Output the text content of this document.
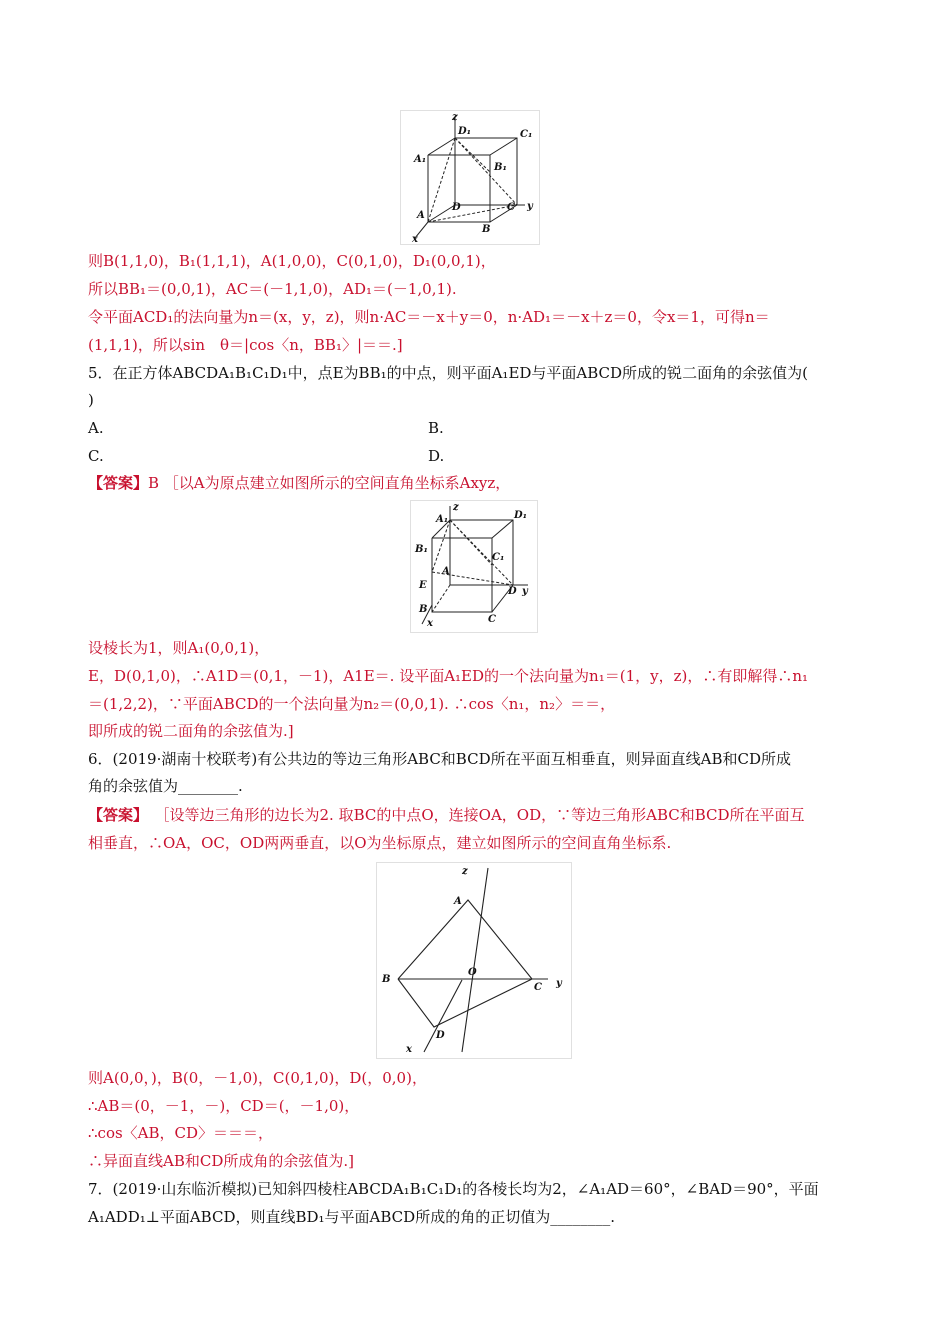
z
D₁	C₁
A₁
B₁
D	C y
A
B
x
则B(1,1,0)，B₁(1,1,1)，A(1,0,0)，C(0,1,0)，D₁(0,0,1)，
所以BB₁＝(0,0,1)，AC＝(－1,1,0)，AD₁＝(－1,0,1).
令平面ACD₁的法向量为n＝(x，y，z)，则n·AC＝－x＋y＝0，n·AD₁＝－x＋z＝0，令x＝1，可得n＝
(1,1,1)，所以sin　θ＝|cos〈n，BB₁〉|＝＝.]
5．在正方体ABCDA₁B₁C₁D₁中，点E为BB₁的中点，则平面A₁ED与平面ABCD所成的锐二面角的余弦值为(
)
A.	B.
C.	D.
【答案】B ［以A为原点建立如图所示的空间直角坐标系Axyz，
A₁
z
D₁
B₁
C₁
A
E
D y
B
x	C
设棱长为1，则A₁(0,0,1)，
E，D(0,1,0)，∴A1D＝(0,1，－1)，A1E＝. 设平面A₁ED的一个法向量为n₁＝(1，y，z)，∴有即解得∴n₁
＝(1,2,2)，∵平面ABCD的一个法向量为n₂＝(0,0,1). ∴cos〈n₁，n₂〉＝＝，
即所成的锐二面角的余弦值为.]
6．(2019·湖南十校联考)有公共边的等边三角形ABC和BCD所在平面互相垂直，则异面直线AB和CD所成
角的余弦值为________.
【答案】 ［设等边三角形的边长为2. 取BC的中点O，连接OA，OD，∵等边三角形ABC和BCD所在平面互
相垂直，∴OA，OC，OD两两垂直，以O为坐标原点，建立如图所示的空间直角坐标系.
z
A
B
O
C y
D
x
则A(0,0，)，B(0，－1,0)，C(0,1,0)，D(，0,0)，
∴AB＝(0，－1，－)，CD＝(，－1,0)，
∴cos〈AB，CD〉＝＝＝，
∴异面直线AB和CD所成角的余弦值为.]
7．(2019·山东临沂模拟)已知斜四棱柱ABCDA₁B₁C₁D₁的各棱长均为2，∠A₁AD＝60°，∠BAD＝90°，平面
A₁ADD₁⊥平面ABCD，则直线BD₁与平面ABCD所成的角的正切值为________.
